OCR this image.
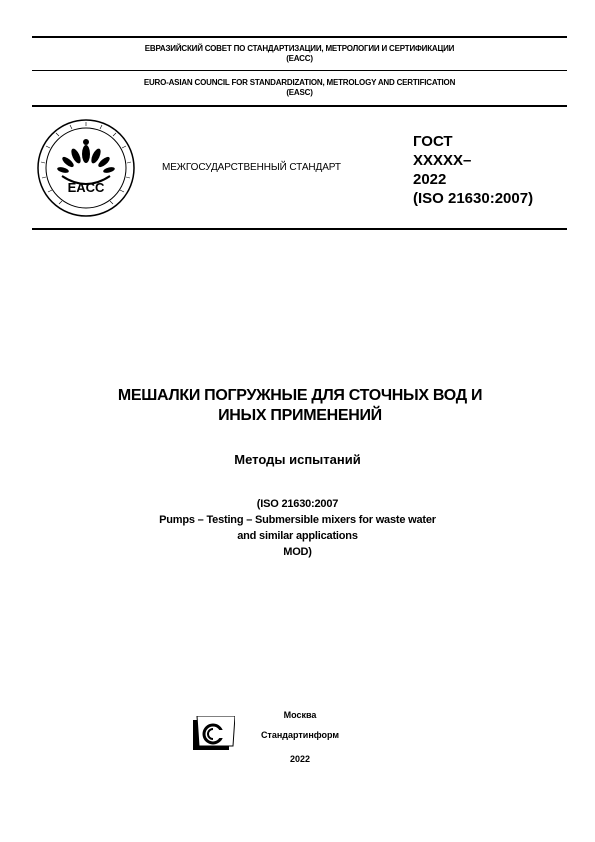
ЕВРАЗИЙСКИЙ СОВЕТ ПО СТАНДАРТИЗАЦИИ, МЕТРОЛОГИИ И СЕРТИФИКАЦИИ
(ЕАСС)
EURO-ASIAN COUNCIL FOR STANDARDIZATION, METROLOGY AND CERTIFICATION
(EASC)
EACC
МЕЖГОСУДАРСТВЕННЫЙ СТАНДАРТ
ГОСТ
XXXXX–
2022
(ISO 21630:2007)
МЕШАЛКИ ПОГРУЖНЫЕ ДЛЯ СТОЧНЫХ ВОД И
ИНЫХ ПРИМЕНЕНИЙ
Методы испытаний
(ISO 21630:2007
Pumps – Testing – Submersible mixers for waste water
and similar applications
MOD)
Москва
Стандартинформ
2022
